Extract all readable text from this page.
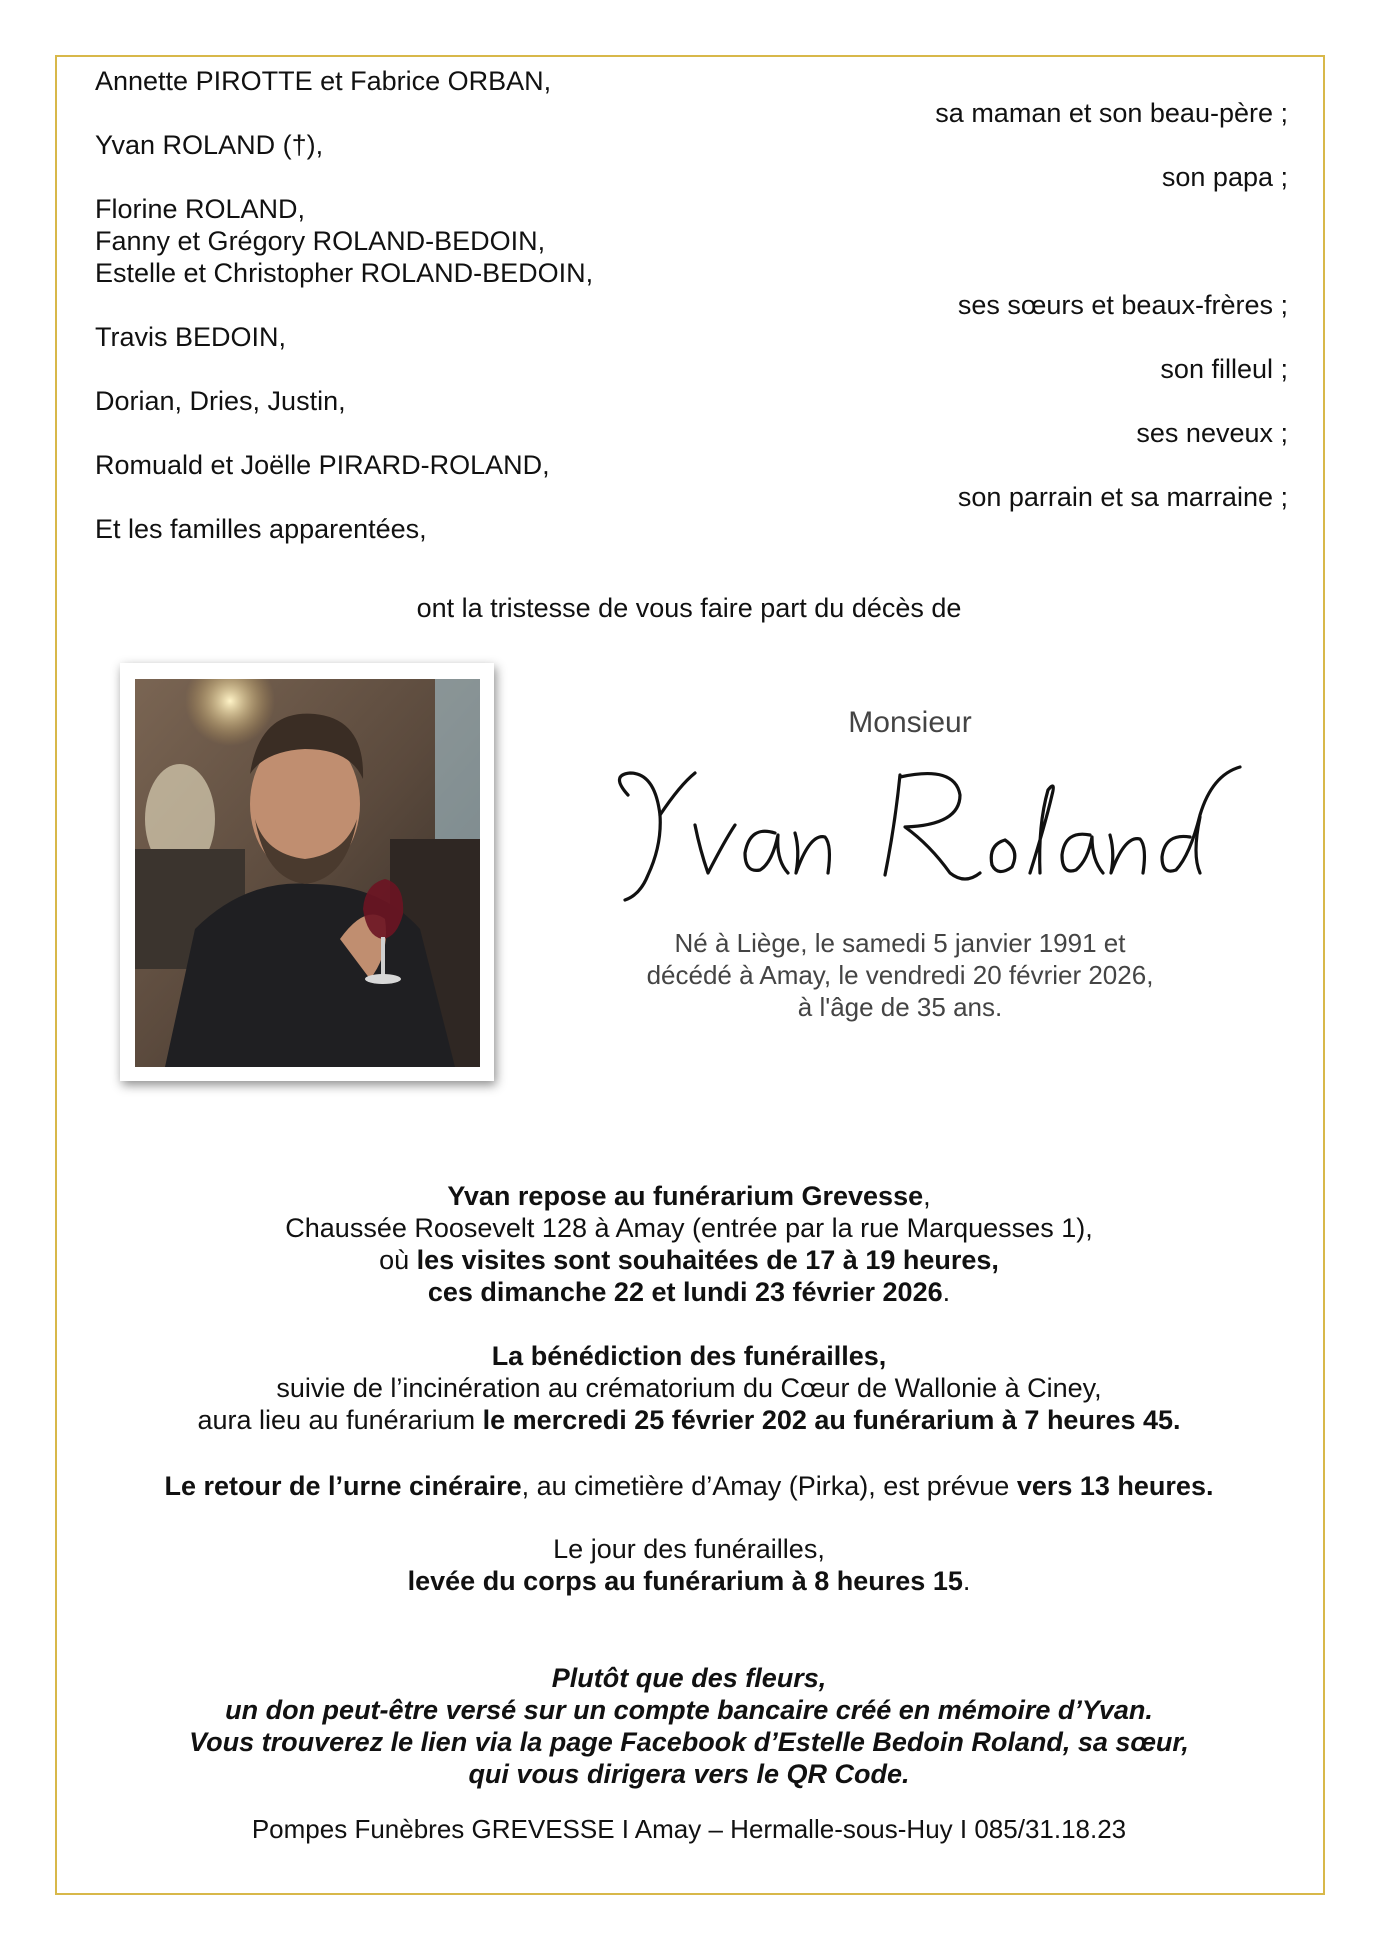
Annette PIROTTE et Fabrice ORBAN,
sa maman et son beau-père ;
Yvan ROLAND (†),
son papa ;
Florine ROLAND,
Fanny et Grégory ROLAND-BEDOIN,
Estelle et Christopher ROLAND-BEDOIN,
ses sœurs et beaux-frères ;
Travis BEDOIN,
son filleul ;
Dorian, Dries, Justin,
ses neveux ;
Romuald et Joëlle PIRARD-ROLAND,
son parrain et sa marraine ;
Et les familles apparentées,
ont la tristesse de vous faire part du décès de
Monsieur
Né à Liège, le samedi 5 janvier 1991 et
décédé à Amay, le vendredi 20 février 2026,
à l'âge de 35 ans.
Yvan repose au funérarium Grevesse,
Chaussée Roosevelt 128 à Amay (entrée par la rue Marquesses 1),
où les visites sont souhaitées de 17 à 19 heures,
ces dimanche 22 et lundi 23 février 2026.
La bénédiction des funérailles,
suivie de l’incinération au crématorium du Cœur de Wallonie à Ciney,
aura lieu au funérarium le mercredi 25 février 202 au funérarium à 7 heures 45.
Le retour de l’urne cinéraire, au cimetière d’Amay (Pirka), est prévue vers 13 heures.
Le jour des funérailles,
levée du corps au funérarium à 8 heures 15.
Plutôt que des fleurs,
un don peut-être versé sur un compte bancaire créé en mémoire d’Yvan.
Vous trouverez le lien via la page Facebook d’Estelle Bedoin Roland, sa sœur,
qui vous dirigera vers le QR Code.
Pompes Funèbres GREVESSE I Amay – Hermalle-sous-Huy I 085/31.18.23
